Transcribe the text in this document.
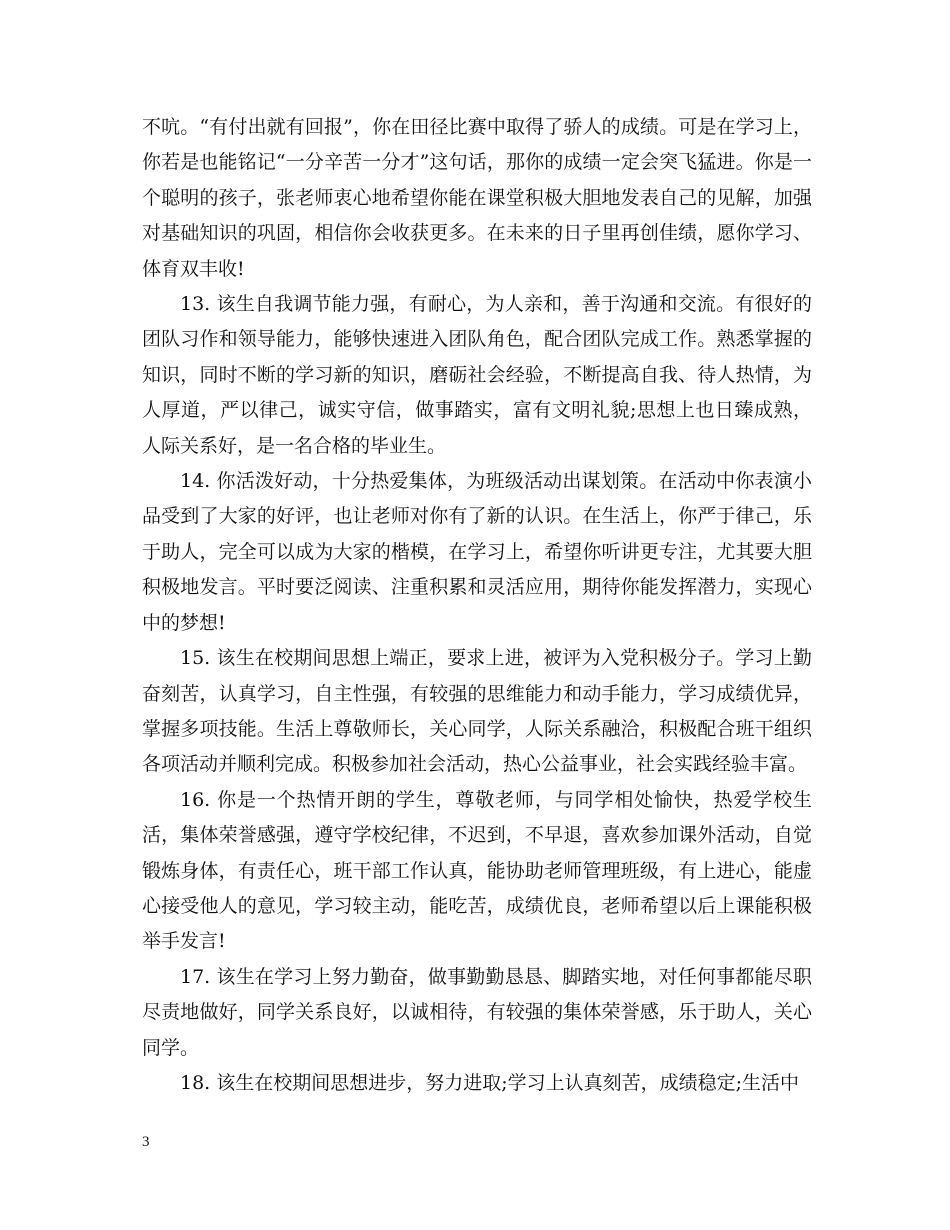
不吭。“有付出就有回报”，你在田径比赛中取得了骄人的成绩。可是在学习上，你若是也能铭记“一分辛苦一分才”这句话，那你的成绩一定会突飞猛进。你是一个聪明的孩子，张老师衷心地希望你能在课堂积极大胆地发表自己的见解，加强对基础知识的巩固，相信你会收获更多。在未来的日子里再创佳绩，愿你学习、体育双丰收!

13. 该生自我调节能力强，有耐心，为人亲和，善于沟通和交流。有很好的团队习作和领导能力，能够快速进入团队角色，配合团队完成工作。熟悉掌握的知识，同时不断的学习新的知识，磨砺社会经验，不断提高自我、待人热情，为人厚道，严以律己，诚实守信，做事踏实，富有文明礼貌;思想上也日臻成熟，人际关系好，是一名合格的毕业生。

14. 你活泼好动，十分热爱集体，为班级活动出谋划策。在活动中你表演小品受到了大家的好评，也让老师对你有了新的认识。在生活上，你严于律己，乐于助人，完全可以成为大家的楷模，在学习上，希望你听讲更专注，尤其要大胆积极地发言。平时要泛阅读、注重积累和灵活应用，期待你能发挥潜力，实现心中的梦想!

15. 该生在校期间思想上端正，要求上进，被评为入党积极分子。学习上勤奋刻苦，认真学习，自主性强，有较强的思维能力和动手能力，学习成绩优异，掌握多项技能。生活上尊敬师长，关心同学，人际关系融洽，积极配合班干组织各项活动并顺利完成。积极参加社会活动，热心公益事业，社会实践经验丰富。

16. 你是一个热情开朗的学生，尊敬老师，与同学相处愉快，热爱学校生活，集体荣誉感强，遵守学校纪律，不迟到，不早退，喜欢参加课外活动，自觉锻炼身体，有责任心，班干部工作认真，能协助老师管理班级，有上进心，能虚心接受他人的意见，学习较主动，能吃苦，成绩优良，老师希望以后上课能积极举手发言!

17. 该生在学习上努力勤奋，做事勤勤恳恳、脚踏实地，对任何事都能尽职尽责地做好，同学关系良好，以诚相待，有较强的集体荣誉感，乐于助人，关心同学。

18. 该生在校期间思想进步，努力进取;学习上认真刻苦，成绩稳定;生活中

3
